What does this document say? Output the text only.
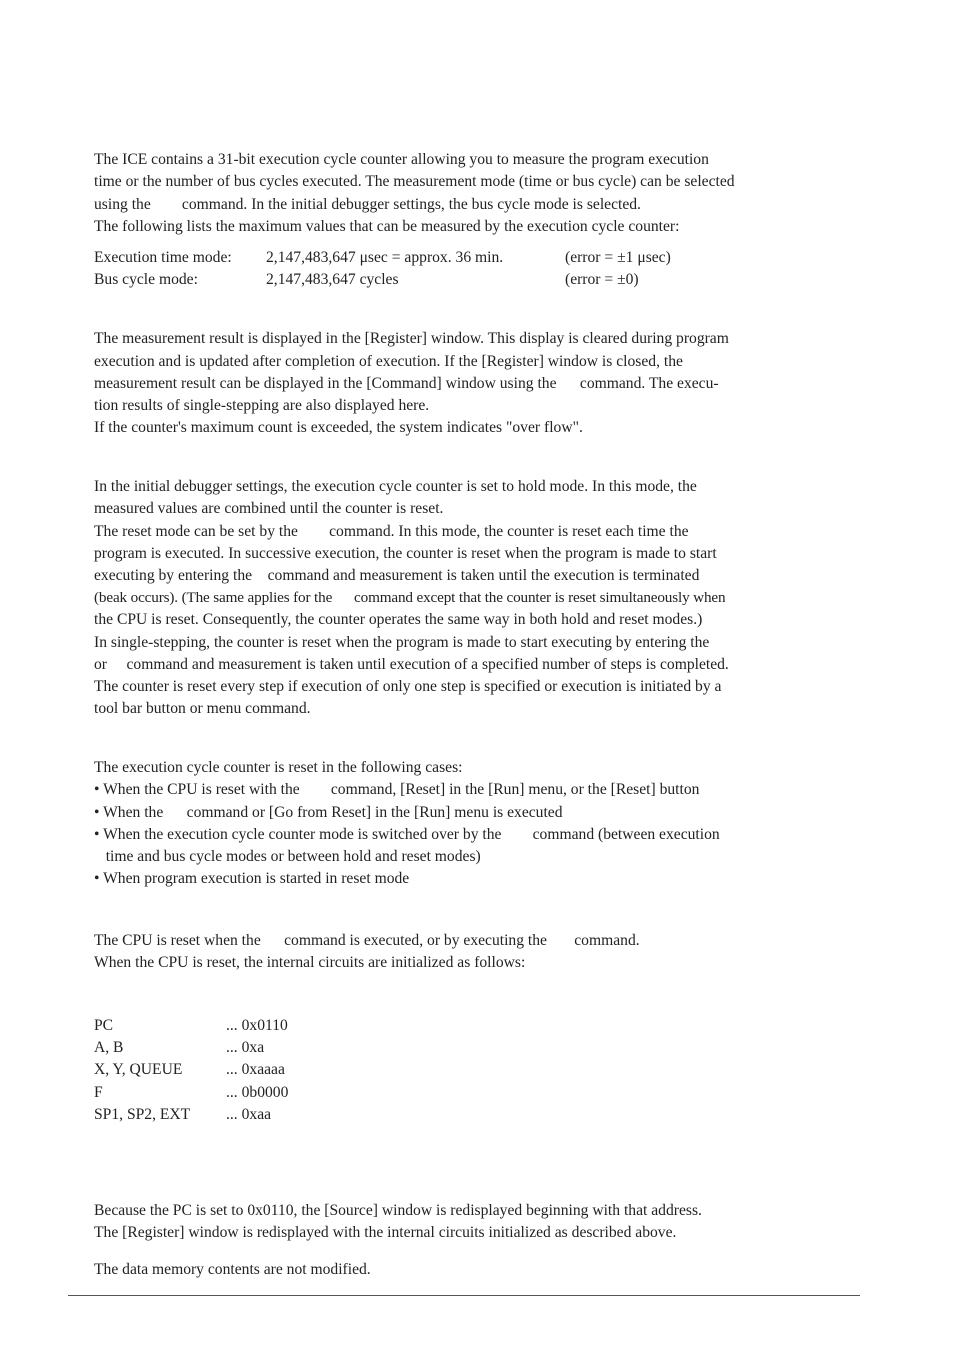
The ICE contains a 31-bit execution cycle counter allowing you to measure the program execution
time or the number of bus cycles executed. The measurement mode (time or bus cycle) can be selected
using the        command. In the initial debugger settings, the bus cycle mode is selected.
The following lists the maximum values that can be measured by the execution cycle counter:
Execution time mode: 2,147,483,647 μsec = approx. 36 min.	(error = ±1 μsec)
Bus cycle mode:	2,147,483,647 cycles	(error = ±0)
The measurement result is displayed in the [Register] window. This display is cleared during program
execution and is updated after completion of execution. If the [Register] window is closed, the
measurement result can be displayed in the [Command] window using the      command. The execu-
tion results of single-stepping are also displayed here.
If the counter's maximum count is exceeded, the system indicates "over flow".
In the initial debugger settings, the execution cycle counter is set to hold mode. In this mode, the
measured values are combined until the counter is reset.
The reset mode can be set by the        command. In this mode, the counter is reset each time the
program is executed. In successive execution, the counter is reset when the program is made to start
executing by entering the    command and measurement is taken until the execution is terminated
(beak occurs). (The same applies for the      command except that the counter is reset simultaneously when
the CPU is reset. Consequently, the counter operates the same way in both hold and reset modes.)
In single-stepping, the counter is reset when the program is made to start executing by entering the
or     command and measurement is taken until execution of a specified number of steps is completed.
The counter is reset every step if execution of only one step is specified or execution is initiated by a
tool bar button or menu command.
The execution cycle counter is reset in the following cases:
• When the CPU is reset with the        command, [Reset] in the [Run] menu, or the [Reset] button
• When the      command or [Go from Reset] in the [Run] menu is executed
• When the execution cycle counter mode is switched over by the        command (between execution
time and bus cycle modes or between hold and reset modes)
• When program execution is started in reset mode
The CPU is reset when the      command is executed, or by executing the       command.
When the CPU is reset, the internal circuits are initialized as follows:
PC	... 0x0110
A, B	... 0xa
X, Y, QUEUE	... 0xaaaa
F	... 0b0000
SP1, SP2, EXT ... 0xaa
Because the PC is set to 0x0110, the [Source] window is redisplayed beginning with that address.
The [Register] window is redisplayed with the internal circuits initialized as described above.
The data memory contents are not modified.
